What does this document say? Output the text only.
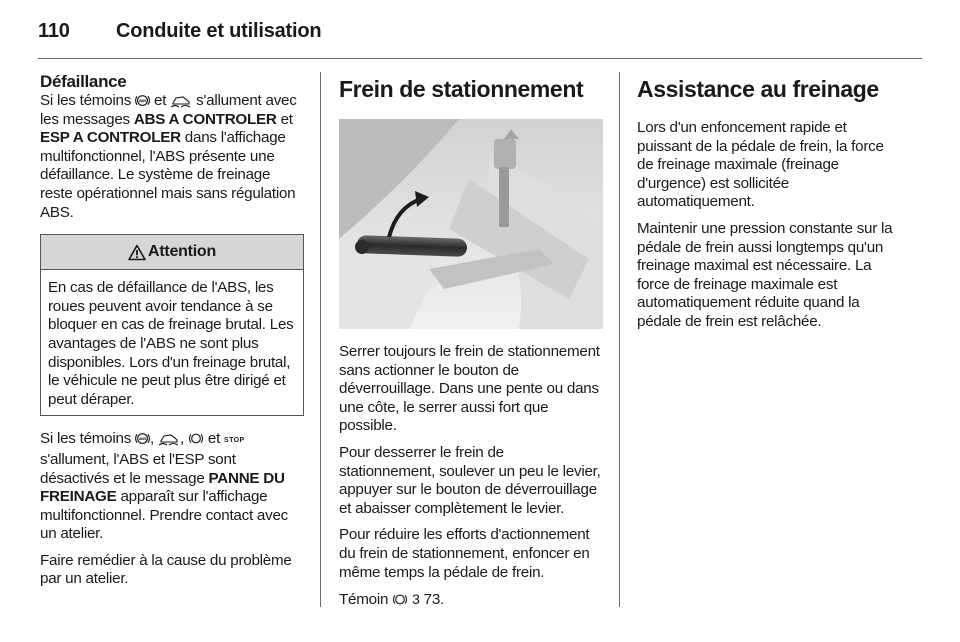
110	Conduite et utilisation
Défaillance

Si les témoins ABS et  s'allument avec les messages ABS A CONTROLER et ESP A CONTROLER dans l'affichage multifonctionnel, l'ABS présente une défaillance. Le système de freinage reste opérationnel mais sans régulation ABS.

Attention
En cas de défaillance de l'ABS, les roues peuvent avoir tendance à se bloquer en cas de freinage brutal. Les avantages de l'ABS ne sont plus disponibles. Lors d'un freinage brutal, le véhicule ne peut plus être dirigé et peut déraper.

Si les témoins ABS , ,  et STOP s'allument, l'ABS et l'ESP sont désactivés et le message PANNE DU FREINAGE apparaît sur l'affichage multifonctionnel. Prendre contact avec un atelier.

Faire remédier à la cause du problème par un atelier.

Frein de stationnement

Serrer toujours le frein de stationnement sans actionner le bouton de déverrouillage. Dans une pente ou dans une côte, le serrer aussi fort que possible.

Pour desserrer le frein de stationnement, soulever un peu le levier, appuyer sur le bouton de déverrouillage et abaisser complètement le levier.

Pour réduire les efforts d'actionnement du frein de stationnement, enfoncer en même temps la pédale de frein.

Témoin  3 73.

Assistance au freinage

Lors d'un enfoncement rapide et puissant de la pédale de frein, la force de freinage maximale (freinage d'urgence) est sollicitée automatiquement.

Maintenir une pression constante sur la pédale de frein aussi longtemps qu'un freinage maximal est nécessaire. La force de freinage maximale est automatiquement réduite quand la pédale de frein est relâchée.
